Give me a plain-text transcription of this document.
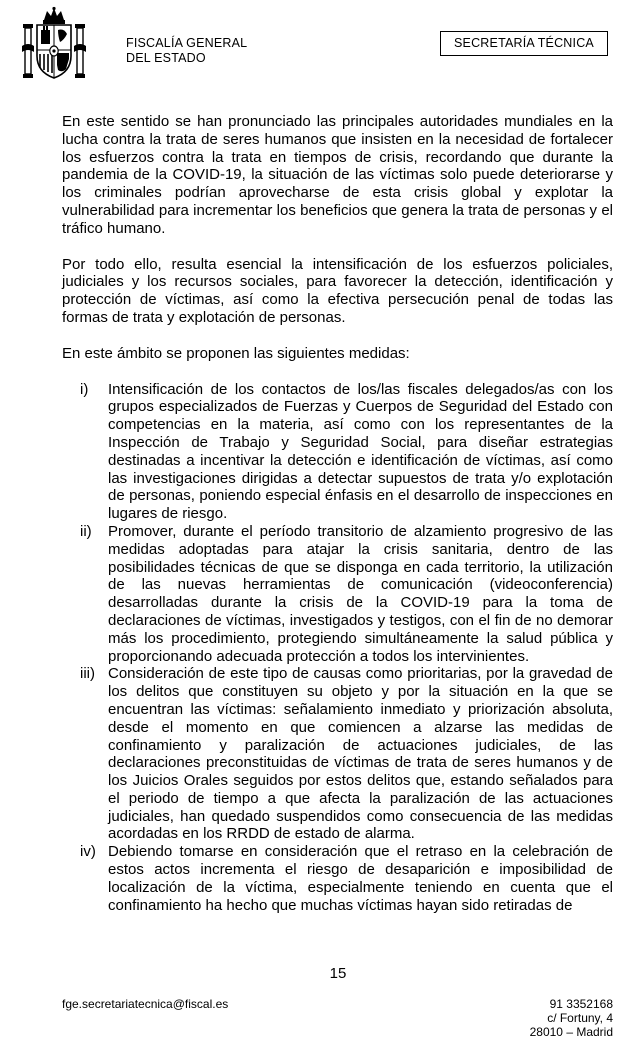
FISCALÍA GENERAL
DEL ESTADO
SECRETARÍA TÉCNICA

En este sentido se han pronunciado las principales autoridades mundiales en la lucha contra la trata de seres humanos que insisten en la necesidad de fortalecer los esfuerzos contra la trata en tiempos de crisis, recordando que durante la pandemia de la COVID-19, la situación de las víctimas solo puede deteriorarse y los criminales podrían aprovecharse de esta crisis global y explotar la vulnerabilidad para incrementar los beneficios que genera la trata de personas y el tráfico humano.

Por todo ello, resulta esencial la intensificación de los esfuerzos policiales, judiciales y los recursos sociales, para favorecer la detección, identificación y protección de víctimas, así como la efectiva persecución penal de todas las formas de trata y explotación de personas.

En este ámbito se proponen las siguientes medidas:

i)	Intensificación de los contactos de los/las fiscales delegados/as con los grupos especializados de Fuerzas y Cuerpos de Seguridad del Estado con competencias en la materia, así como con los representantes de la Inspección de Trabajo y Seguridad Social, para diseñar estrategias destinadas a incentivar la detección e identificación de víctimas, así como las investigaciones dirigidas a detectar supuestos de trata y/o explotación de personas, poniendo especial énfasis en el desarrollo de inspecciones en lugares de riesgo.
ii)	Promover, durante el período transitorio de alzamiento progresivo de las medidas adoptadas para atajar la crisis sanitaria, dentro de las posibilidades técnicas de que se disponga en cada territorio, la utilización de las nuevas herramientas de comunicación (videoconferencia) desarrolladas durante la crisis de la COVID-19 para la toma de declaraciones de víctimas, investigados y testigos, con el fin de no demorar más los procedimiento, protegiendo simultáneamente la salud pública y proporcionando adecuada protección a todos los intervinientes.
iii) Consideración de este tipo de causas como prioritarias, por la gravedad de los delitos que constituyen su objeto y por la situación en la que se encuentran las víctimas: señalamiento inmediato y priorización absoluta, desde el momento en que comiencen a alzarse las medidas de confinamiento y paralización de actuaciones judiciales, de las declaraciones preconstituidas de víctimas de trata de seres humanos y de los Juicios Orales seguidos por estos delitos que, estando señalados para el periodo de tiempo a que afecta la paralización de las actuaciones judiciales, han quedado suspendidos como consecuencia de las medidas acordadas en los RRDD de estado de alarma.
iv) Debiendo tomarse en consideración que el retraso en la celebración de estos actos incrementa el riesgo de desaparición e imposibilidad de localización de la víctima, especialmente teniendo en cuenta que el confinamiento ha hecho que muchas víctimas hayan sido retiradas de
15
fge.secretariatecnica@fiscal.es	91 3352168
c/ Fortuny, 4
28010 – Madrid
